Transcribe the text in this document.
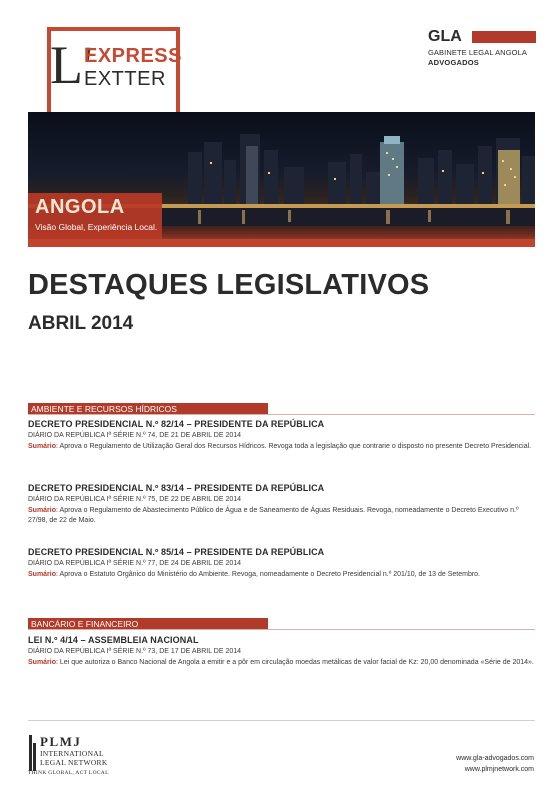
L'
EXPRESS
EXTTER
GLA
GABINETE LEGAL ANGOLA
ADVOGADOS
ANGOLA
Visão Global, Experiência Local.
DESTAQUES LEGISLATIVOS
ABRIL 2014
AMBIENTE E RECURSOS HÍDRICOS
DECRETO PRESIDENCIAL N.º 82/14 – PRESIDENTE DA REPÚBLICA
DIÁRIO DA REPÚBLICA Iª SÉRIE N.º 74, DE 21 DE ABRIL DE 2014
Sumário: Aprova o Regulamento de Utilização Geral dos Recursos Hídricos. Revoga toda a legislação que contrarie o disposto no presente Decreto Presidencial.
DECRETO PRESIDENCIAL N.º 83/14 – PRESIDENTE DA REPÚBLICA
DIÁRIO DA REPÚBLICA Iª SÉRIE N.º 75, DE 22 DE ABRIL DE 2014
Sumário: Aprova o Regulamento de Abastecimento Público de Água e de Saneamento de Águas Residuais. Revoga, nomeadamente o Decreto Executivo n.º 27/98, de 22 de Maio.
DECRETO PRESIDENCIAL N.º 85/14 – PRESIDENTE DA REPÚBLICA
DIÁRIO DA REPÚBLICA Iª SÉRIE N.º 77, DE 24 DE ABRIL DE 2014
Sumário: Aprova o Estatuto Orgânico do Ministério do Ambiente. Revoga, nomeadamente o Decreto Presidencial n.º 201/10, de 13 de Setembro.
BANCÁRIO E FINANCEIRO
LEI N.º 4/14 – ASSEMBLEIA NACIONAL
DIÁRIO DA REPÚBLICA Iª SÉRIE N.º 73, DE 17 DE ABRIL DE 2014
Sumário: Lei que autoriza o Banco Nacional de Angola a emitir e a pôr em circulação moedas metálicas de valor facial de Kz: 20,00 denominada «Série de 2014».
PLMJ
INTERNATIONAL
LEGAL NETWORK
THINK GLOBAL, ACT LOCAL
www.gla-advogados.com
www.plmjnetwork.com
